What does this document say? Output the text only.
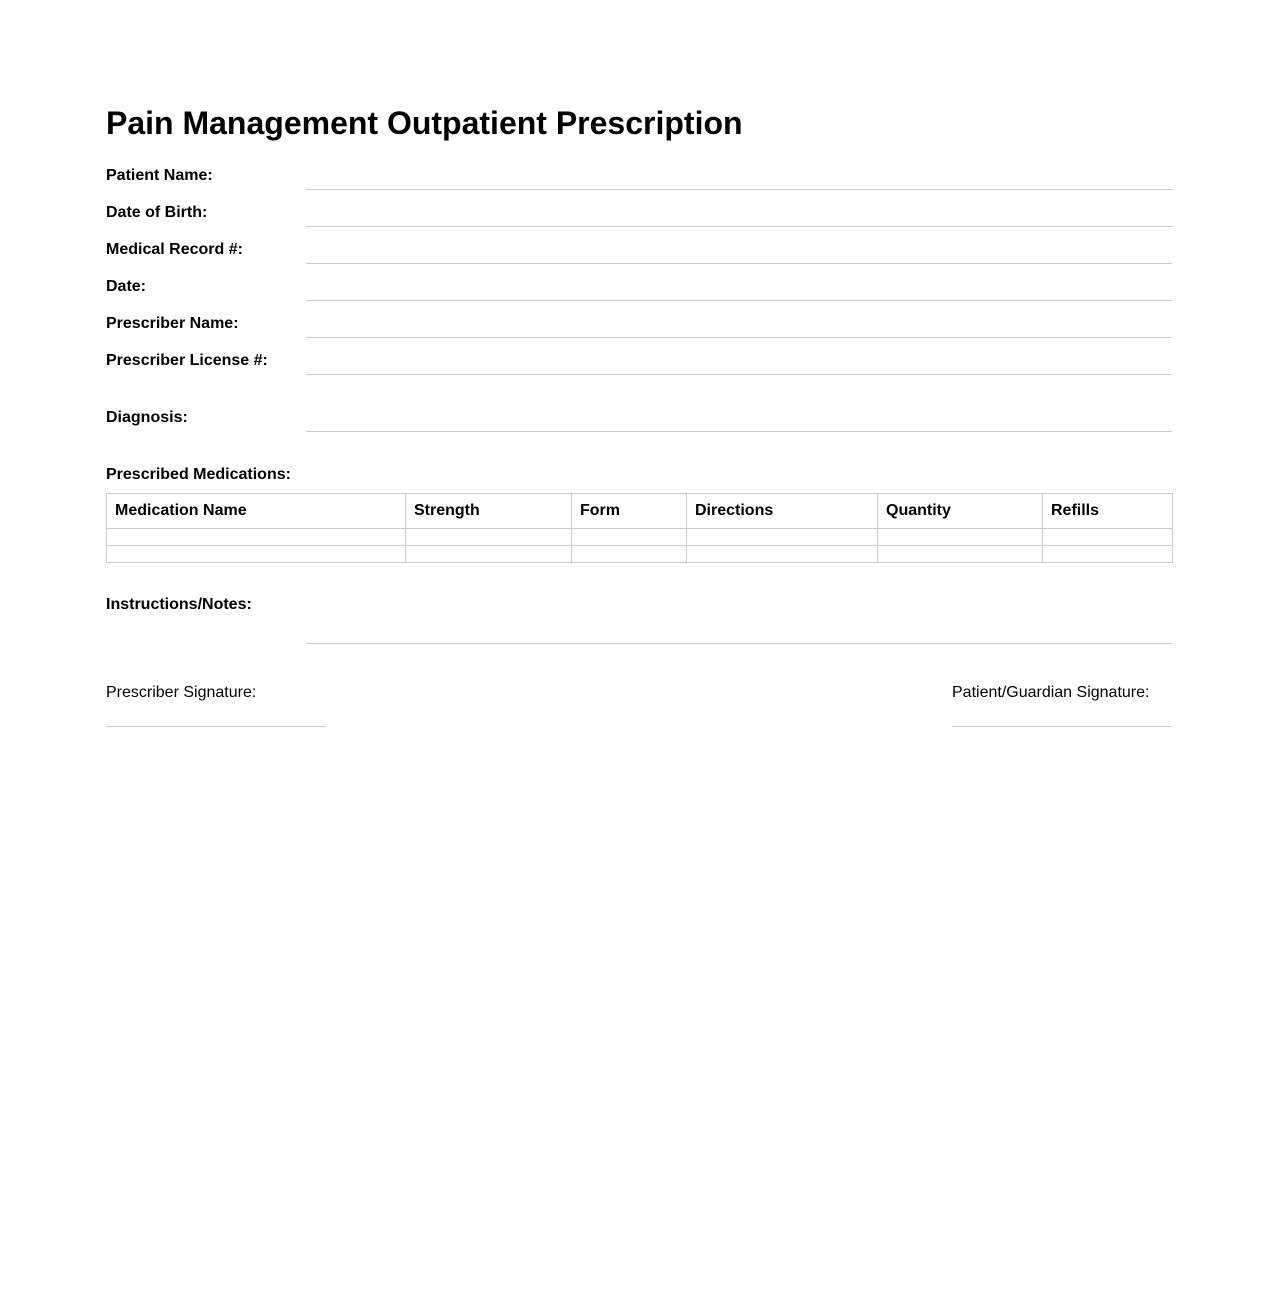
Pain Management Outpatient Prescription
Patient Name:
Date of Birth:
Medical Record #:
Date:
Prescriber Name:
Prescriber License #:
Diagnosis:
Prescribed Medications:
Medication Name	Strength	Form	Directions	Quantity	Refills

Instructions/Notes:
Prescriber Signature:	Patient/Guardian Signature:
